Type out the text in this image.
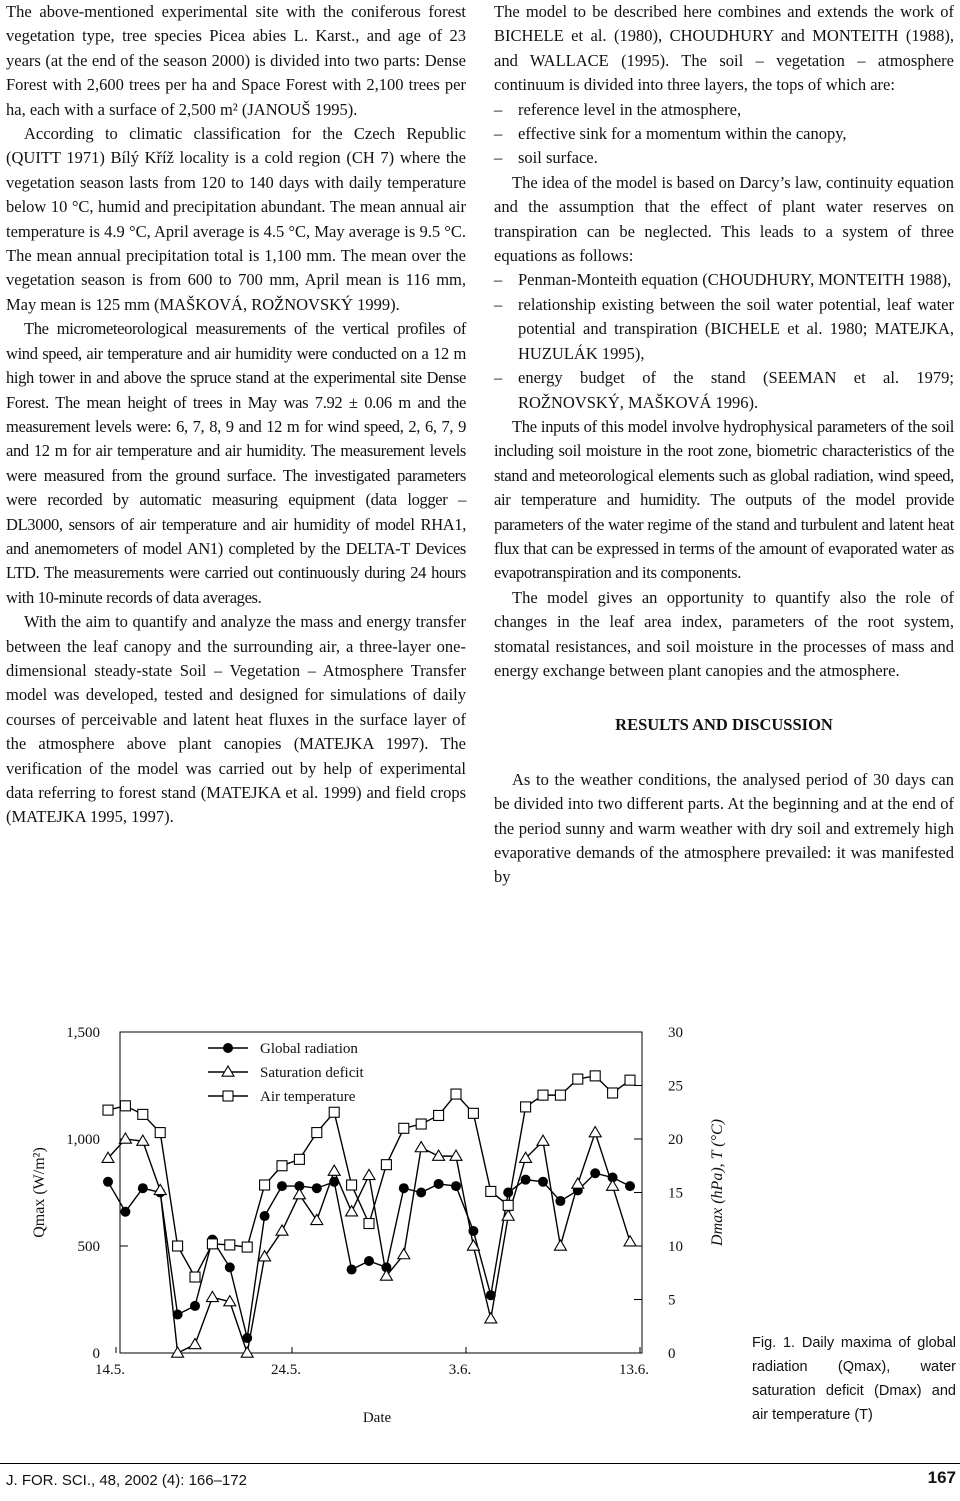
The above-mentioned experimental site with the coniferous forest vegetation type, tree species Picea abies L. Karst., and age of 23 years (at the end of the season 2000) is divided into two parts: Dense Forest with 2,600 trees per ha and Space Forest with 2,100 trees per ha, each with a surface of 2,500 m² (JANOUŠ 1995).

According to climatic classification for the Czech Republic (QUITT 1971) Bílý Kříž locality is a cold region (CH 7) where the vegetation season lasts from 120 to 140 days with daily temperature below 10 °C, humid and precipitation abundant. The mean annual air temperature is 4.9 °C, April average is 4.5 °C, May average is 9.5 °C. The mean annual precipitation total is 1,100 mm. The mean over the vegetation season is from 600 to 700 mm, April mean is 116 mm, May mean is 125 mm (MAŠKOVÁ, ROŽNOVSKÝ 1999).

The micrometeorological measurements of the vertical profiles of wind speed, air temperature and air humidity were conducted on a 12 m high tower in and above the spruce stand at the experimental site Dense Forest. The mean height of trees in May was 7.92 ± 0.06 m and the measurement levels were: 6, 7, 8, 9 and 12 m for wind speed, 2, 6, 7, 9 and 12 m for air temperature and air humidity. The measurement levels were measured from the ground surface. The investigated parameters were recorded by automatic measuring equipment (data logger – DL3000, sensors of air temperature and air humidity of model RHA1, and anemometers of model AN1) completed by the DELTA-T Devices LTD. The measurements were carried out continuously during 24 hours with 10-minute records of data averages.

With the aim to quantify and analyze the mass and energy transfer between the leaf canopy and the surrounding air, a three-layer one-dimensional steady-state Soil – Vegetation – Atmosphere Transfer model was developed, tested and designed for simulations of daily courses of perceivable and latent heat fluxes in the surface layer of the atmosphere above plant canopies (MATEJKA 1997). The verification of the model was carried out by help of experimental data referring to forest stand (MATEJKA et al. 1999) and field crops (MATEJKA 1995, 1997).

The model to be described here combines and extends the work of BICHELE et al. (1980), CHOUDHURY and MONTEITH (1988), and WALLACE (1995). The soil – vegetation – atmosphere continuum is divided into three layers, the tops of which are:

– reference level in the atmosphere,
– effective sink for a momentum within the canopy,
– soil surface.

The idea of the model is based on Darcy’s law, continuity equation and the assumption that the effect of plant water reserves on transpiration can be neglected. This leads to a system of three equations as follows:

– Penman-Monteith equation (CHOUDHURY, MONTEITH 1988),
– relationship existing between the soil water potential, leaf water potential and transpiration (BICHELE et al. 1980; MATEJKA, HUZULÁK 1995),
– energy budget of the stand (SEEMAN et al. 1979; ROŽNOVSKÝ, MAŠKOVÁ 1996).

The inputs of this model involve hydrophysical parameters of the soil including soil moisture in the root zone, biometric characteristics of the stand and meteorological elements such as global radiation, wind speed, air temperature and humidity. The outputs of the model provide parameters of the water regime of the stand and turbulent and latent heat flux that can be expressed in terms of the amount of evaporated water as evapotranspiration and its components.

The model gives an opportunity to quantify also the role of changes in the leaf area index, parameters of the root system, stomatal resistances, and soil moisture in the processes of mass and energy exchange between plant canopies and the atmosphere.

RESULTS AND DISCUSSION

As to the weather conditions, the analysed period of 30 days can be divided into two different parts. At the beginning and at the end of the period sunny and warm weather with dry soil and extremely high evaporative demands of the atmosphere prevailed: it was manifested by

0
500
1,000
1,500
0
5
10
15
20
25
30
14.5.	24.5.	3.6.	13.6.
Date
Qmax (W/m²)	Dmax (hPa), T (°C)
Global radiation
Saturation deficit
Air temperature
Fig. 1. Daily maxima of global radiation (Qmax), water saturation deficit (Dmax) and air temperature (T)
J. FOR. SCI., 48, 2002 (4): 166–172	167
